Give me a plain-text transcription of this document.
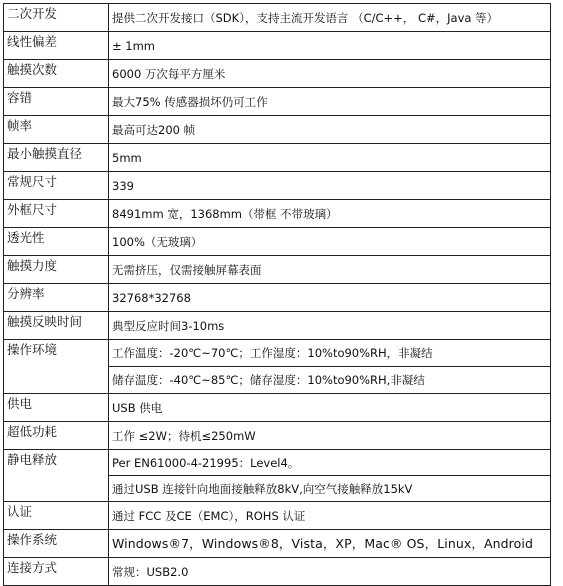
二次开发	提供二次开发接口（SDK），支持主流开发语言 （C/C++， C#，Java 等）
线性偏差	± 1mm
触摸次数	6000 万次每平方厘米
容错	最大75% 传感器损坏仍可工作
帧率	最高可达200 帧
最小触摸直径	5mm
常规尺寸	339
外框尺寸	8491mm 宽，1368mm（带框 不带玻璃）
透光性	100%（无玻璃）
触摸力度	无需挤压，仅需接触屏幕表面
分辨率	32768*32768
触摸反映时间	典型反应时间3-10ms
操作环境	工作温度：-20℃~70℃；工作湿度：10%to90%RH，非凝结
	储存温度：-40℃~85℃；储存湿度：10%to90%RH,非凝结
供电	USB 供电
超低功耗	工作 ≤2W；待机≤250mW
静电释放	Per EN61000-4-21995：Level4。
	通过USB 连接针向地面接触释放8kV,向空气接触释放15kV
认证	通过 FCC 及CE（EMC），ROHS 认证
操作系统	Windows®7，Windows®8，Vista，XP，Mac® OS，Linux，Android
连接方式	常规：USB2.0
